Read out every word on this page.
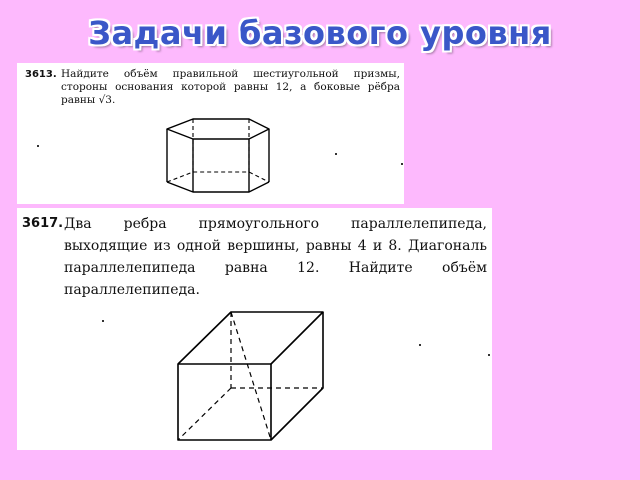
Задачи базового уровня
3613. Найдите объём правильной шестиугольной призмы, стороны основания которой равны 12, а боковые рёбра равны √3.
3617. Два ребра прямоугольного параллелепипеда, выходящие из одной вершины, равны 4 и 8. Диагональ параллелепипеда равна 12. Найдите объём параллелепипеда.
